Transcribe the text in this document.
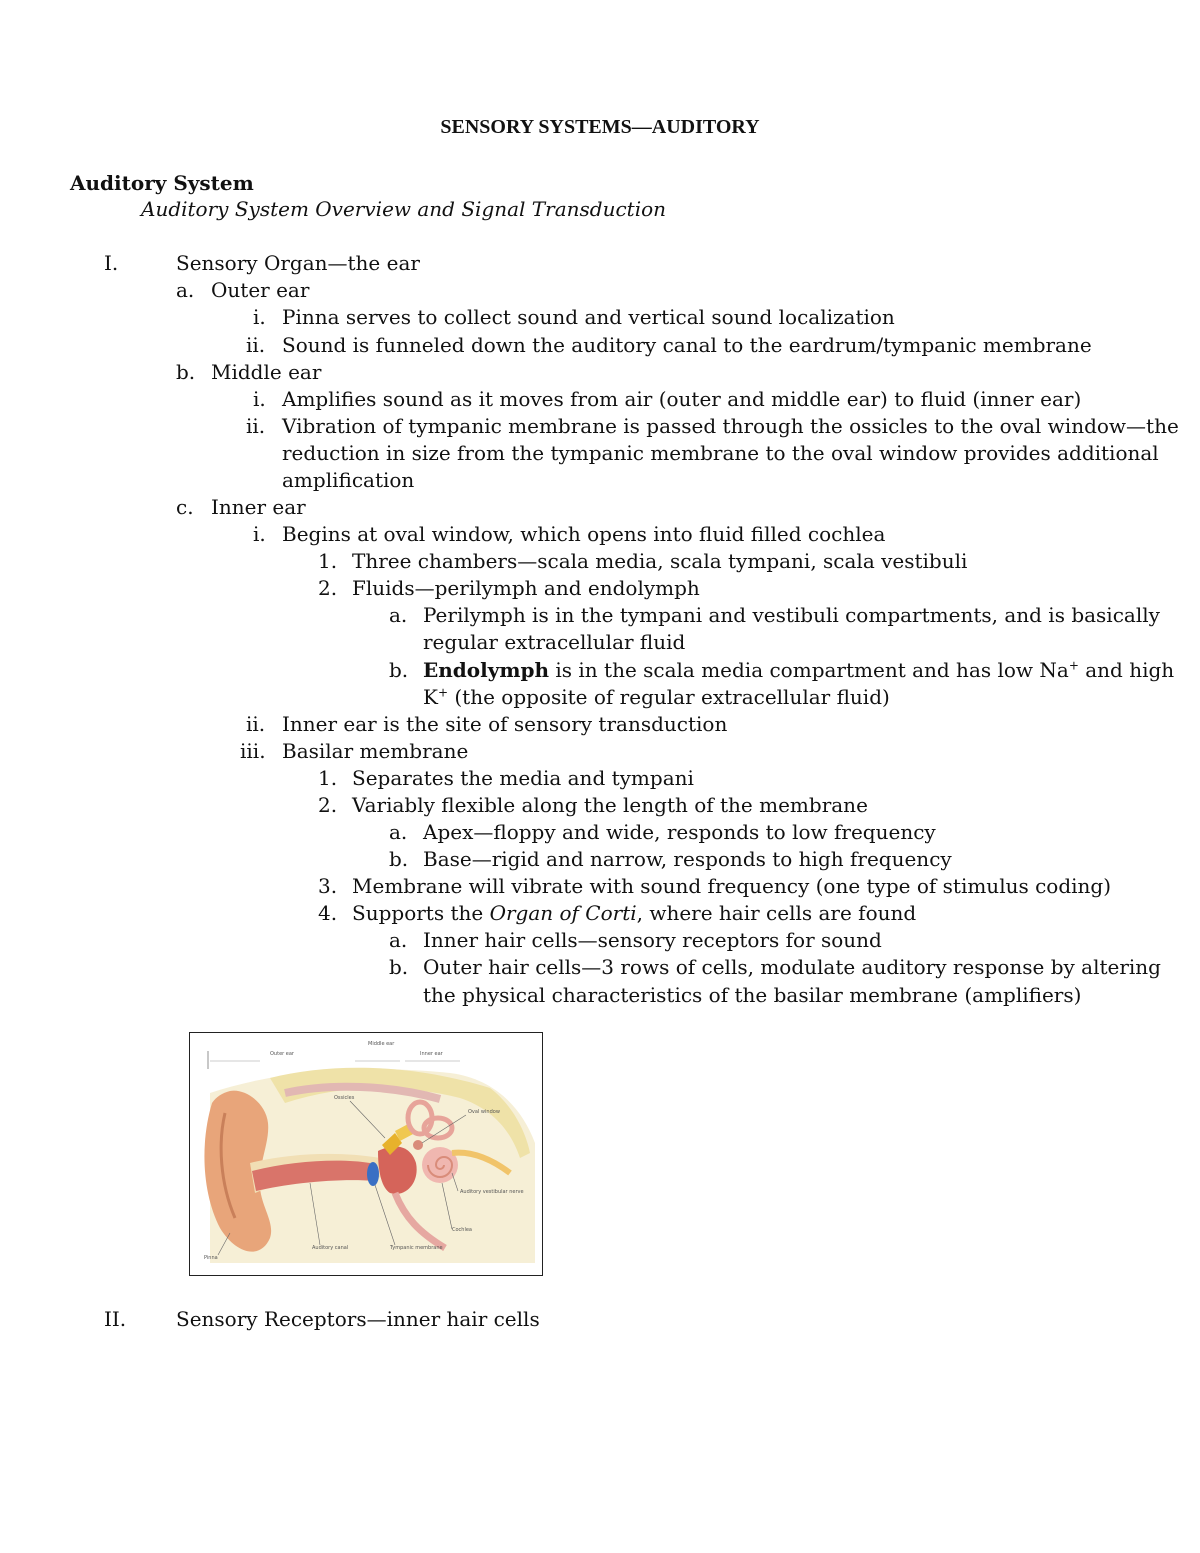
SENSORY SYSTEMS—AUDITORY
Auditory System
Auditory System Overview and Signal Transduction
I.	Sensory Organ—the ear
a. Outer ear
i. Pinna serves to collect sound and vertical sound localization
ii. Sound is funneled down the auditory canal to the eardrum/tympanic membrane
b. Middle ear
i. Amplifies sound as it moves from air (outer and middle ear) to fluid (inner ear)
ii. Vibration of tympanic membrane is passed through the ossicles to the oval window—the
reduction in size from the tympanic membrane to the oval window provides additional
amplification
c. Inner ear
i. Begins at oval window, which opens into fluid filled cochlea
1. Three chambers—scala media, scala tympani, scala vestibuli
2. Fluids—perilymph and endolymph
a. Perilymph is in the tympani and vestibuli compartments, and is basically
regular extracellular fluid
b. Endolymph is in the scala media compartment and has low Na+ and high
K+ (the opposite of regular extracellular fluid)
ii. Inner ear is the site of sensory transduction
iii. Basilar membrane
1. Separates the media and tympani
2. Variably flexible along the length of the membrane
a. Apex—floppy and wide, responds to low frequency
b. Base—rigid and narrow, responds to high frequency
3. Membrane will vibrate with sound frequency (one type of stimulus coding)
4. Supports the Organ of Corti, where hair cells are found
a. Inner hair cells—sensory receptors for sound
b. Outer hair cells—3 rows of cells, modulate auditory response by altering
the physical characteristics of the basilar membrane (amplifiers)
Outer ear
Middle ear
Inner ear
Ossicles
Oval window
Auditory vestibular nerve
Cochlea
Pinna
Auditory canal	Tympanic membrane
II. Sensory Receptors—inner hair cells
